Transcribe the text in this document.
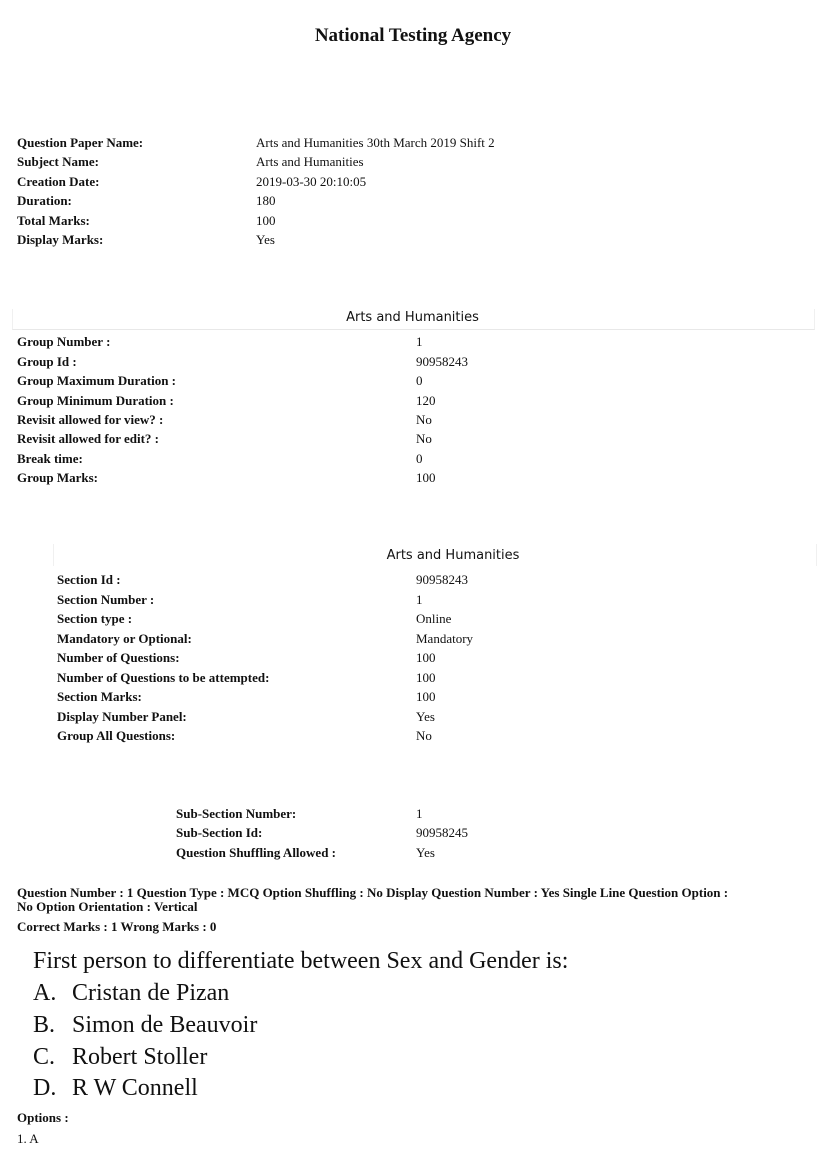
National Testing Agency
Question Paper Name:	Arts and Humanities 30th March 2019 Shift 2
Subject Name:	Arts and Humanities
Creation Date:	2019-03-30 20:10:05
Duration:	180
Total Marks:	100
Display Marks:	Yes
Arts and Humanities
Group Number :	1
Group Id :	90958243
Group Maximum Duration :	0
Group Minimum Duration :	120
Revisit allowed for view? :	No
Revisit allowed for edit? :	No
Break time:	0
Group Marks:	100
Arts and Humanities
Section Id :	90958243
Section Number :	1
Section type :	Online
Mandatory or Optional:	Mandatory
Number of Questions:	100
Number of Questions to be attempted:	100
Section Marks:	100
Display Number Panel:	Yes
Group All Questions:	No
Sub-Section Number:	1
Sub-Section Id:	90958245
Question Shuffling Allowed :	Yes
Question Number : 1 Question Type : MCQ Option Shuffling : No Display Question Number : Yes Single Line Question Option :
No Option Orientation : Vertical
Correct Marks : 1 Wrong Marks : 0
First person to differentiate between Sex and Gender is:
A. Cristan de Pizan
B. Simon de Beauvoir
C. Robert Stoller
D. R W Connell
Options :
1. A
